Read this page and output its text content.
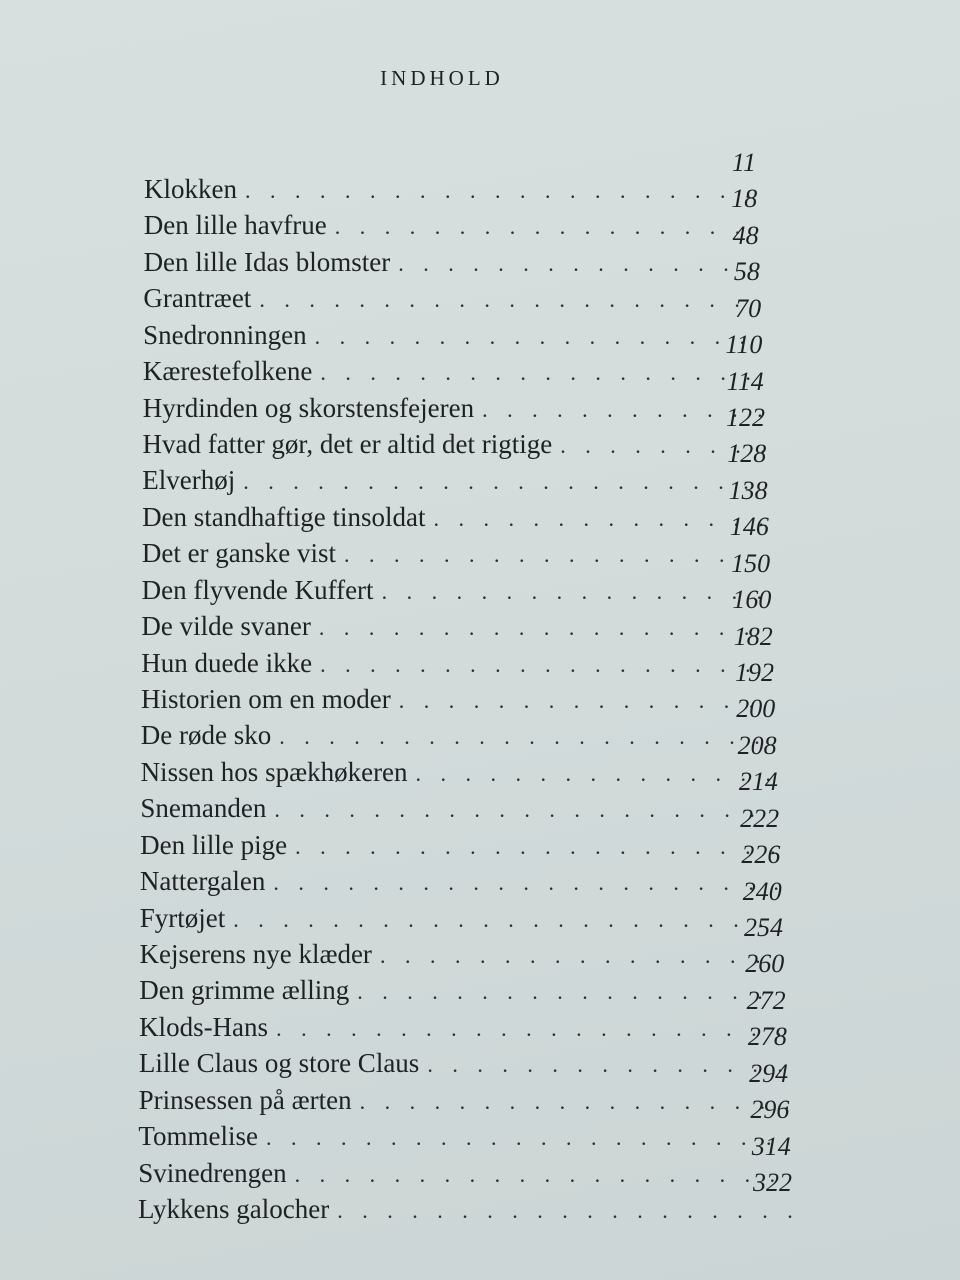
INDHOLD
Klokken
. . .
11
Den lille havfrue
. . .
18
Den lille Idas blomster
. . .
48
Grantræet
. . .
58
Snedronningen
. . .
70
Kærestefolkene
. . .
110
Hyrdinden og skorstensfejeren
. . .
114
Hvad fatter gør, det er altid det rigtige
. . .
122
Elverhøj
. . .
128
Den standhaftige tinsoldat
. . .
138
Det er ganske vist
. . .
146
Den flyvende Kuffert
. . .
150
De vilde svaner
. . .
160
Hun duede ikke
. . .
182
Historien om en moder
. . .
192
De røde sko
. . .
200
Nissen hos spækhøkeren
. . .
208
Snemanden
. . .
214
Den lille pige
. . .
222
Nattergalen
. . .
226
Fyrtøjet
. . .
240
Kejserens nye klæder
. . .
254
Den grimme ælling
. . .
260
Klods-Hans
. . .
272
Lille Claus og store Claus
. . .
278
Prinsessen på ærten
. . .
294
Tommelise
. . .
296
Svinedrengen
. . .
314
Lykkens galocher
. . .
322
